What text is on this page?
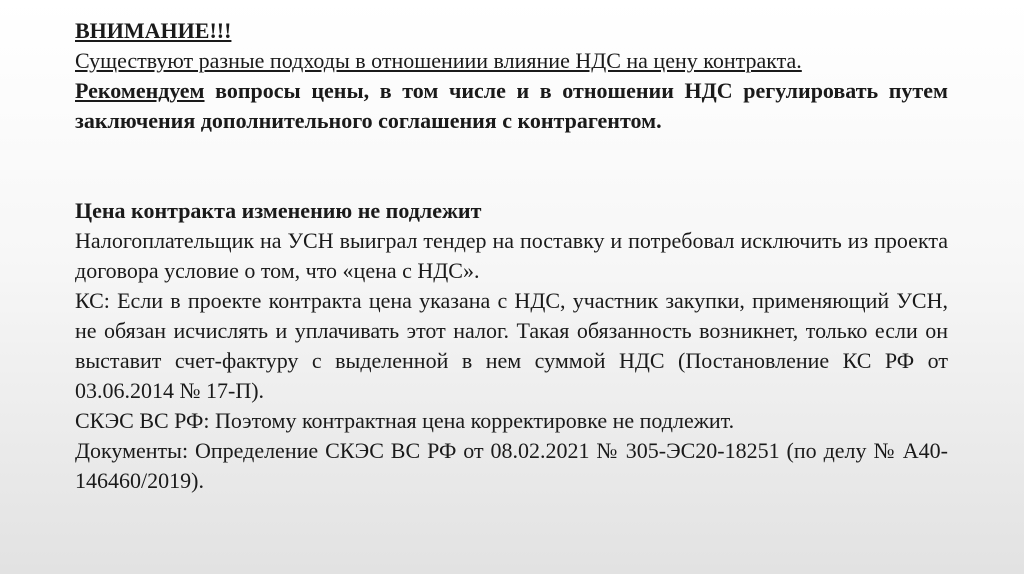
ВНИМАНИЕ!!!

Существуют разные подходы в отношениии влияние НДС на цену контракта.

Рекомендуем вопросы цены, в том числе и в отношении НДС регулировать путем заключения дополнительного соглашения с контрагентом.

Цена контракта изменению не подлежит

Налогоплательщик на УСН выиграл тендер на поставку и потребовал исключить из проекта договора условие о том, что «цена с НДС».

КС: Если в проекте контракта цена указана с НДС, участник закупки, применяющий УСН, не обязан исчислять и уплачивать этот налог. Такая обязанность возникнет, только если он выставит счет-фактуру с выделенной в нем суммой НДС (Постановление КС РФ от 03.06.2014 № 17-П).

СКЭС ВС РФ: Поэтому контрактная цена корректировке не подлежит.

Документы: Определение СКЭС ВС РФ от 08.02.2021 № 305-ЭС20-18251 (по делу № А40-146460/2019).
